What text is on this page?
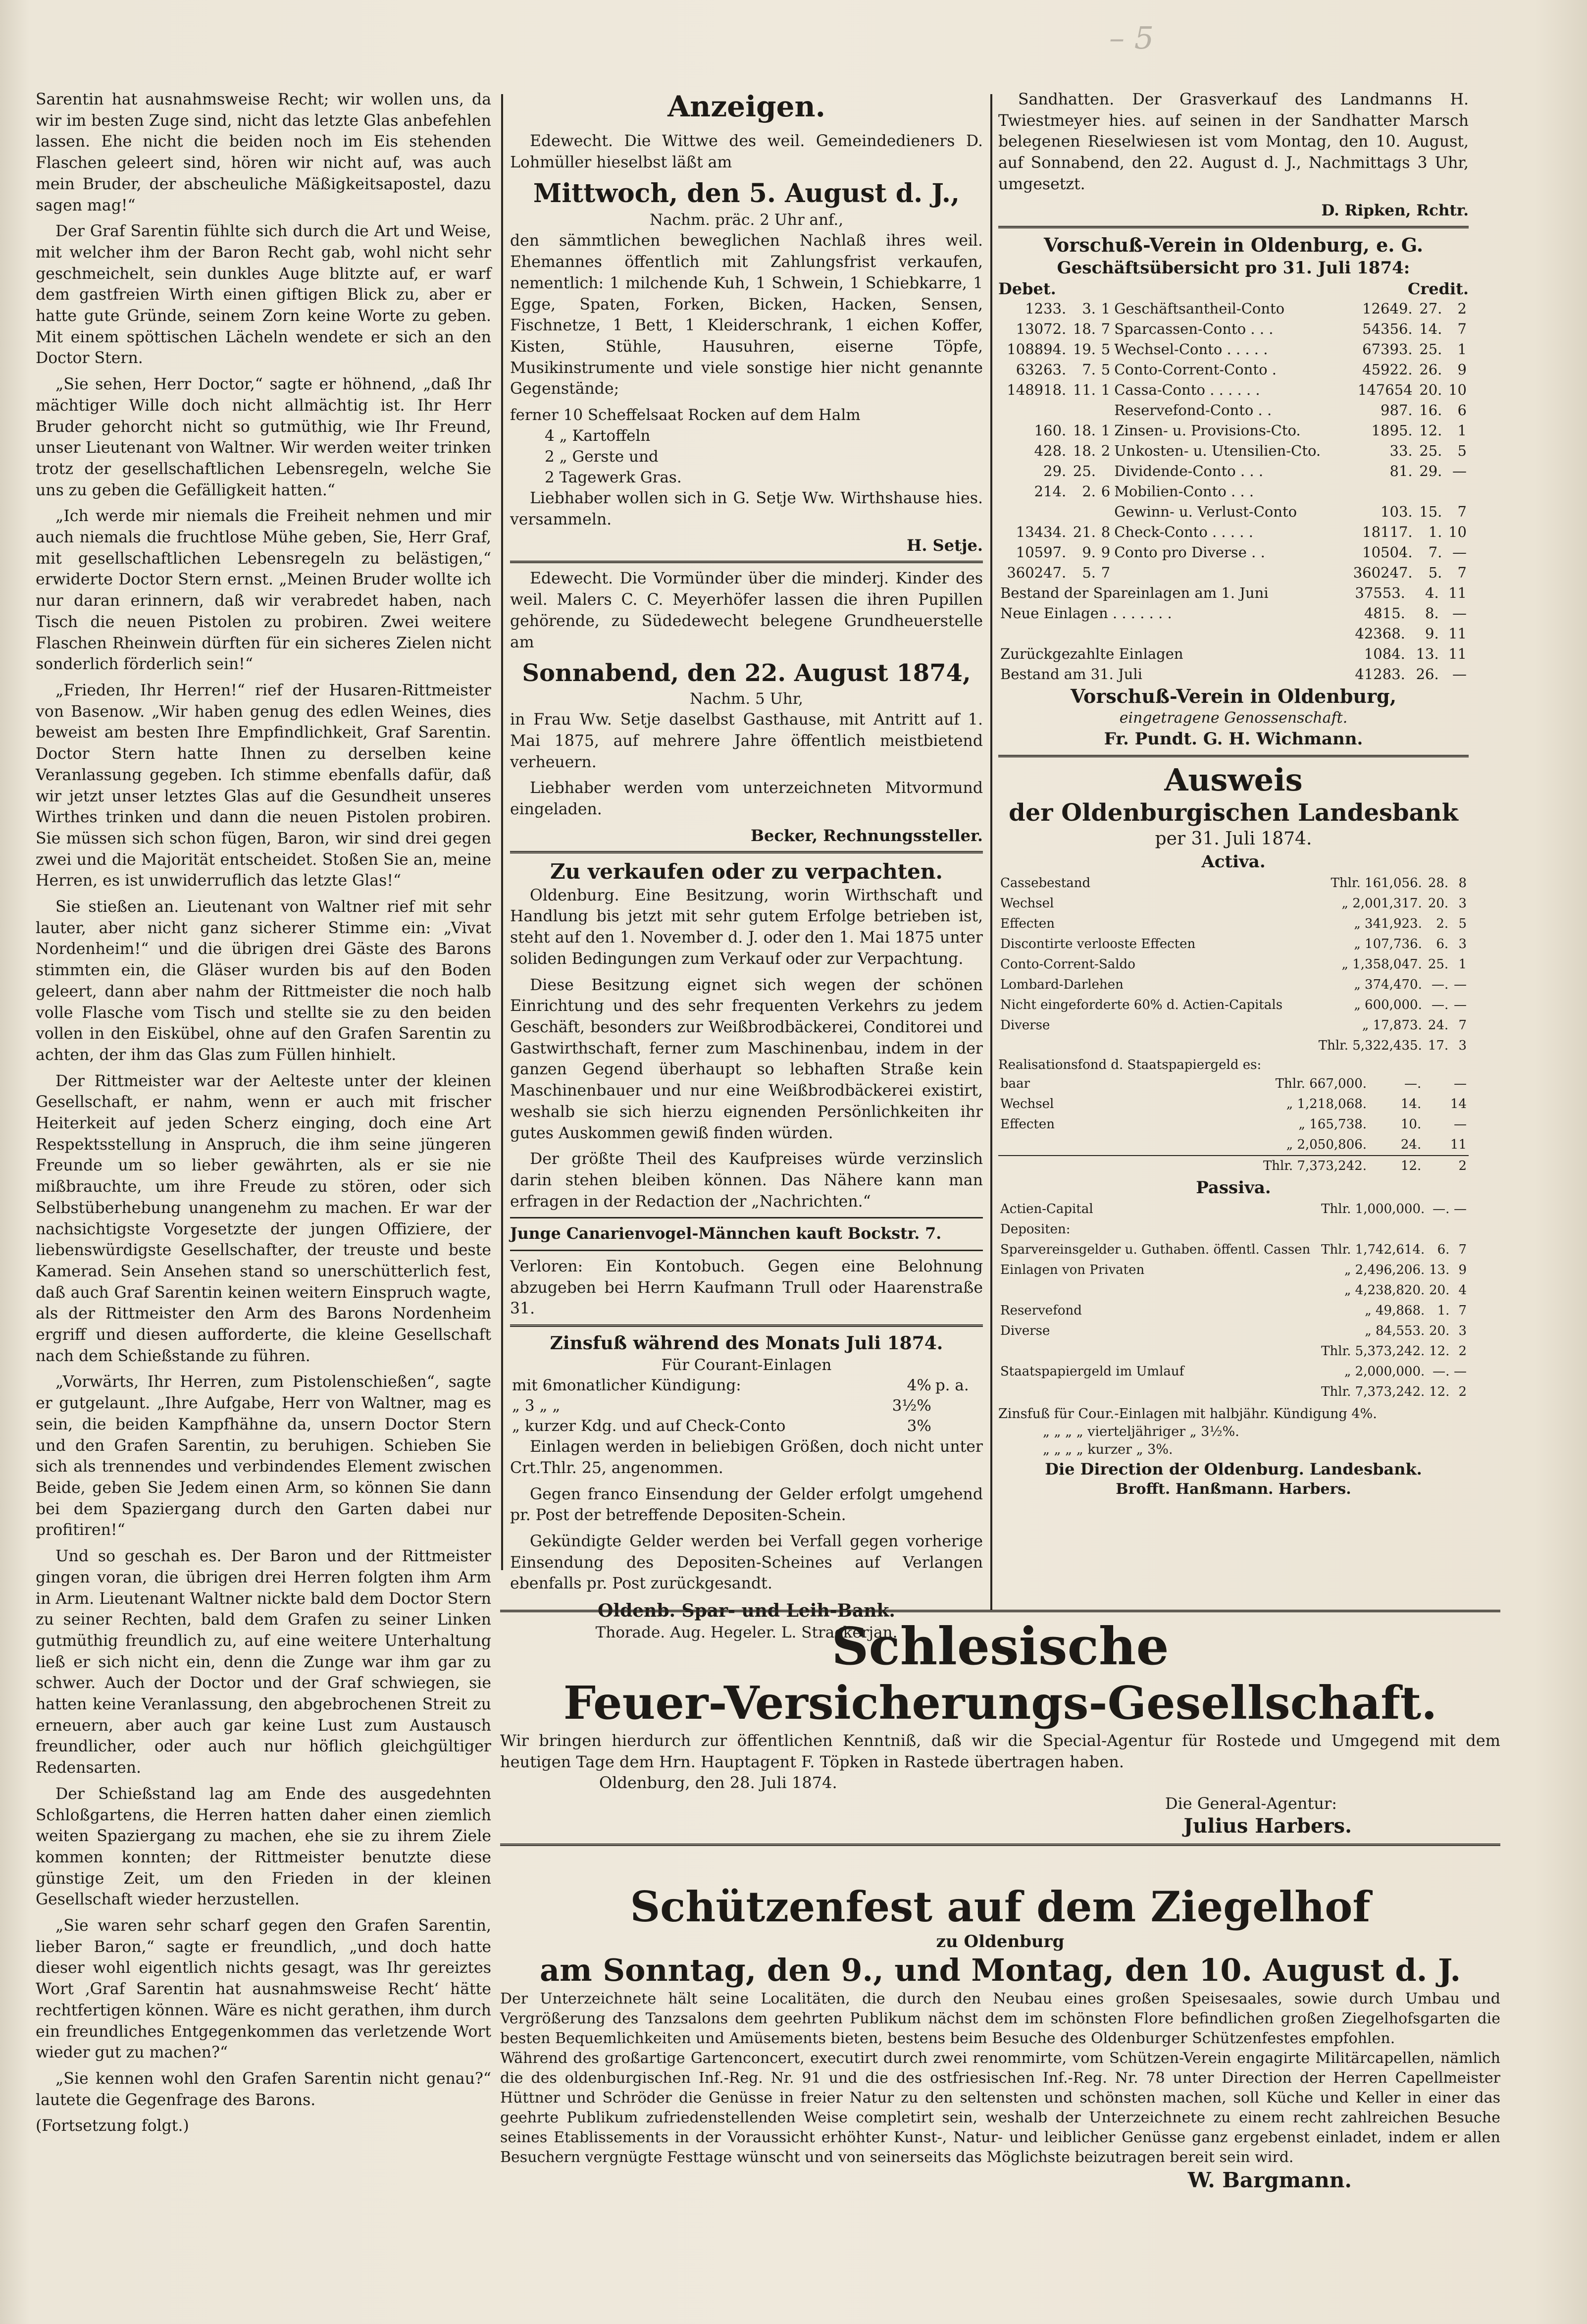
– 5

Sarentin hat ausnahmsweise Recht; wir wollen uns, da wir im besten Zuge sind, nicht das letzte Glas anbefehlen lassen. Ehe nicht die beiden noch im Eis stehenden Flaschen geleert sind, hören wir nicht auf, was auch mein Bruder, der abscheuliche Mäßigkeitsapostel, dazu sagen mag!“

Der Graf Sarentin fühlte sich durch die Art und Weise, mit welcher ihm der Baron Recht gab, wohl nicht sehr geschmeichelt, sein dunkles Auge blitzte auf, er warf dem gastfreien Wirth einen giftigen Blick zu, aber er hatte gute Gründe, seinem Zorn keine Worte zu geben. Mit einem spöttischen Lächeln wendete er sich an den Doctor Stern.

„Sie sehen, Herr Doctor,“ sagte er höhnend, „daß Ihr mächtiger Wille doch nicht allmächtig ist. Ihr Herr Bruder gehorcht nicht so gutmüthig, wie Ihr Freund, unser Lieutenant von Waltner. Wir werden weiter trinken trotz der gesellschaftlichen Lebensregeln, welche Sie uns zu geben die Gefälligkeit hatten.“

„Ich werde mir niemals die Freiheit nehmen und mir auch niemals die fruchtlose Mühe geben, Sie, Herr Graf, mit gesellschaftlichen Lebensregeln zu belästigen,“ erwiderte Doctor Stern ernst. „Meinen Bruder wollte ich nur daran erinnern, daß wir verabredet haben, nach Tisch die neuen Pistolen zu probiren. Zwei weitere Flaschen Rheinwein dürften für ein sicheres Zielen nicht sonderlich förderlich sein!“

„Frieden, Ihr Herren!“ rief der Husaren-Rittmeister von Basenow. „Wir haben genug des edlen Weines, dies beweist am besten Ihre Empfindlichkeit, Graf Sarentin. Doctor Stern hatte Ihnen zu derselben keine Veranlassung gegeben. Ich stimme ebenfalls dafür, daß wir jetzt unser letztes Glas auf die Gesundheit unseres Wirthes trinken und dann die neuen Pistolen probiren. Sie müssen sich schon fügen, Baron, wir sind drei gegen zwei und die Majorität entscheidet. Stoßen Sie an, meine Herren, es ist unwiderruflich das letzte Glas!“

Sie stießen an. Lieutenant von Waltner rief mit sehr lauter, aber nicht ganz sicherer Stimme ein: „Vivat Nordenheim!“ und die übrigen drei Gäste des Barons stimmten ein, die Gläser wurden bis auf den Boden geleert, dann aber nahm der Rittmeister die noch halb volle Flasche vom Tisch und stellte sie zu den beiden vollen in den Eiskübel, ohne auf den Grafen Sarentin zu achten, der ihm das Glas zum Füllen hinhielt.

Der Rittmeister war der Aelteste unter der kleinen Gesellschaft, er nahm, wenn er auch mit frischer Heiterkeit auf jeden Scherz einging, doch eine Art Respektsstellung in Anspruch, die ihm seine jüngeren Freunde um so lieber gewährten, als er sie nie mißbrauchte, um ihre Freude zu stören, oder sich Selbstüberhebung unangenehm zu machen. Er war der nachsichtigste Vorgesetzte der jungen Offiziere, der liebenswürdigste Gesellschafter, der treuste und beste Kamerad. Sein Ansehen stand so unerschütterlich fest, daß auch Graf Sarentin keinen weitern Einspruch wagte, als der Rittmeister den Arm des Barons Nordenheim ergriff und diesen aufforderte, die kleine Gesellschaft nach dem Schießstande zu führen.

„Vorwärts, Ihr Herren, zum Pistolenschießen“, sagte er gutgelaunt. „Ihre Aufgabe, Herr von Waltner, mag es sein, die beiden Kampfhähne da, unsern Doctor Stern und den Grafen Sarentin, zu beruhigen. Schieben Sie sich als trennendes und verbindendes Element zwischen Beide, geben Sie Jedem einen Arm, so können Sie dann bei dem Spaziergang durch den Garten dabei nur profitiren!“

Und so geschah es. Der Baron und der Rittmeister gingen voran, die übrigen drei Herren folgten ihm Arm in Arm. Lieutenant Waltner nickte bald dem Doctor Stern zu seiner Rechten, bald dem Grafen zu seiner Linken gutmüthig freundlich zu, auf eine weitere Unterhaltung ließ er sich nicht ein, denn die Zunge war ihm gar zu schwer. Auch der Doctor und der Graf schwiegen, sie hatten keine Veranlassung, den abgebrochenen Streit zu erneuern, aber auch gar keine Lust zum Austausch freundlicher, oder auch nur höflich gleichgültiger Redensarten.

Der Schießstand lag am Ende des ausgedehnten Schloßgartens, die Herren hatten daher einen ziemlich weiten Spaziergang zu machen, ehe sie zu ihrem Ziele kommen konnten; der Rittmeister benutzte diese günstige Zeit, um den Frieden in der kleinen Gesellschaft wieder herzustellen.

„Sie waren sehr scharf gegen den Grafen Sarentin, lieber Baron,“ sagte er freundlich, „und doch hatte dieser wohl eigentlich nichts gesagt, was Ihr gereiztes Wort ‚Graf Sarentin hat ausnahmsweise Recht‘ hätte rechtfertigen können. Wäre es nicht gerathen, ihm durch ein freundliches Entgegenkommen das verletzende Wort wieder gut zu machen?“

„Sie kennen wohl den Grafen Sarentin nicht genau?“ lautete die Gegenfrage des Barons.

(Fortsetzung folgt.)

Anzeigen.

Edewecht. Die Wittwe des weil. Gemeindedieners D. Lohmüller hieselbst läßt am

Mittwoch, den 5. August d. J.,
Nachm. präc. 2 Uhr anf.,

den sämmtlichen beweglichen Nachlaß ihres weil. Ehemannes öffentlich mit Zahlungsfrist verkaufen, nementlich: 1 milchende Kuh, 1 Schwein, 1 Schiebkarre, 1 Egge, Spaten, Forken, Bicken, Hacken, Sensen, Fischnetze, 1 Bett, 1 Kleiderschrank, 1 eichen Koffer, Kisten, Stühle, Hausuhren, eiserne Töpfe, Musikinstrumente und viele sonstige hier nicht genannte Gegenstände;

ferner 10 Scheffelsaat Rocken auf dem Halm
4 „ Kartoffeln
2 „ Gerste und
2 Tagewerk Gras.

Liebhaber wollen sich in G. Setje Ww. Wirthshause hies. versammeln.

H. Setje.

Edewecht. Die Vormünder über die minderj. Kinder des weil. Malers C. C. Meyerhöfer lassen die ihren Pupillen gehörende, zu Südedewecht belegene Grundheuerstelle am

Sonnabend, den 22. August 1874,
Nachm. 5 Uhr,

in Frau Ww. Setje daselbst Gasthause, mit Antritt auf 1. Mai 1875, auf mehrere Jahre öffentlich meistbietend verheuern.

Liebhaber werden vom unterzeichneten Mitvormund eingeladen.

Becker, Rechnungssteller.
Zu verkaufen oder zu verpachten.

Oldenburg. Eine Besitzung, worin Wirthschaft und Handlung bis jetzt mit sehr gutem Erfolge betrieben ist, steht auf den 1. November d. J. oder den 1. Mai 1875 unter soliden Bedingungen zum Verkauf oder zur Verpachtung.

Diese Besitzung eignet sich wegen der schönen Einrichtung und des sehr frequenten Verkehrs zu jedem Geschäft, besonders zur Weißbrodbäckerei, Conditorei und Gastwirthschaft, ferner zum Maschinenbau, indem in der ganzen Gegend überhaupt so lebhaften Straße kein Maschinenbauer und nur eine Weißbrodbäckerei existirt, weshalb sie sich hierzu eignenden Persönlichkeiten ihr gutes Auskommen gewiß finden würden.

Der größte Theil des Kaufpreises würde verzinslich darin stehen bleiben können. Das Nähere kann man erfragen in der Redaction der „Nachrichten.“

Junge Canarienvogel-Männchen kauft Bockstr. 7.

Verloren: Ein Kontobuch. Gegen eine Belohnung abzugeben bei Herrn Kaufmann Trull oder Haarenstraße 31.

Zinsfuß während des Monats Juli 1874.
Für Courant-Einlagen
mit 6monatlicher Kündigung:	4%	p. a.
„ 3 „ „	3½%	
„ kurzer Kdg. und auf Check-Conto	3%	

Einlagen werden in beliebigen Größen, doch nicht unter Crt.Thlr. 25, angenommen.

Gegen franco Einsendung der Gelder erfolgt umgehend pr. Post der betreffende Depositen-Schein.

Gekündigte Gelder werden bei Verfall gegen vorherige Einsendung des Depositen-Scheines auf Verlangen ebenfalls pr. Post zurückgesandt.

Oldenb. Spar- und Leih-Bank.
Thorade. Aug. Hegeler. L. Strackerjan.

Sandhatten. Der Grasverkauf des Landmanns H. Twiestmeyer hies. auf seinen in der Sandhatter Marsch belegenen Rieselwiesen ist vom Montag, den 10. August, auf Sonnabend, den 22. August d. J., Nachmittags 3 Uhr, umgesetzt.

D. Ripken, Rchtr.
Vorschuß-Verein in Oldenburg, e. G.
Geschäftsübersicht pro 31. Juli 1874:
Debet.	Credit.
1233.	3.	1	Geschäftsantheil-Conto	12649.	27.	2
13072.	18.	7	Sparcassen-Conto . . .	54356.	14.	7
108894.	19.	5	Wechsel-Conto . . . . .	67393.	25.	1
63263.	7.	5	Conto-Corrent-Conto .	45922.	26.	9
148918.	11.	1	Cassa-Conto . . . . . .	147654	20.	10
			Reservefond-Conto . .	987.	16.	6
160.	18.	1	Zinsen- u. Provisions-Cto.	1895.	12.	1
428.	18.	2	Unkosten- u. Utensilien-Cto.	33.	25.	5
29.	25.		Dividende-Conto . . .	81.	29.	—
214.	2.	6	Mobilien-Conto . . .			
			Gewinn- u. Verlust-Conto	103.	15.	7
13434.	21.	8	Check-Conto . . . . .	18117.	1.	10
10597.	9.	9	Conto pro Diverse . .	10504.	7.	—
360247.	5.	7		360247.	5.	7
Bestand der Spareinlagen am 1. Juni	37553.	4.	11
Neue Einlagen . . . . . . .	4815.	8.	—
	42368.	9.	11
Zurückgezahlte Einlagen	1084.	13.	11
Bestand am 31. Juli	41283.	26.	—
Vorschuß-Verein in Oldenburg,
eingetragene Genossenschaft.
Fr. Pundt. G. H. Wichmann.
Ausweis
der Oldenburgischen Landesbank
per 31. Juli 1874.
Activa.
Cassebestand	Thlr. 161,056.	28.	8
Wechsel	„ 2,001,317.	20.	3
Effecten	„ 341,923.	2.	5
Discontirte verlooste Effecten	„ 107,736.	6.	3
Conto-Corrent-Saldo	„ 1,358,047.	25.	1
Lombard-Darlehen	„ 374,470.	—.	—
Nicht eingeforderte 60% d. Actien-Capitals	„ 600,000.	—.	—
Diverse	„ 17,873.	24.	7
	Thlr. 5,322,435.	17.	3
Realisationsfond d. Staatspapiergeld es:
baar	Thlr. 667,000.	—.	—
Wechsel	„ 1,218,068.	14.	14
Effecten	„ 165,738.	10.	—
	„ 2,050,806.	24.	11
	Thlr. 7,373,242.	12.	2
Passiva.
Actien-Capital	Thlr. 1,000,000.	—.	—
Depositen:			
Sparvereinsgelder u. Guthaben. öffentl. Cassen	Thlr. 1,742,614.	6.	7
Einlagen von Privaten	„ 2,496,206.	13.	9
	„ 4,238,820.	20.	4
Reservefond	„ 49,868.	1.	7
Diverse	„ 84,553.	20.	3
	Thlr. 5,373,242.	12.	2
Staatspapiergeld im Umlauf	„ 2,000,000.	—.	—
	Thlr. 7,373,242.	12.	2
Zinsfuß für Cour.-Einlagen mit halbjähr. Kündigung 4%.
„ „ „ „ vierteljähriger „ 3½%.
„ „ „ „ kurzer „ 3%.
Die Direction der Oldenburg. Landesbank.
Brofft. Hanßmann. Harbers.
Schlesische
Feuer-Versicherungs-Gesellschaft.

Wir bringen hierdurch zur öffentlichen Kenntniß, daß wir die Special-Agentur für Rostede und Umgegend mit dem heutigen Tage dem Hrn. Hauptagent F. Töpken in Rastede übertragen haben.

Oldenburg, den 28. Juli 1874.
Die General-Agentur:
Julius Harbers.
Schützenfest auf dem Ziegelhof
zu Oldenburg
am Sonntag, den 9., und Montag, den 10. August d. J.

Der Unterzeichnete hält seine Localitäten, die durch den Neubau eines großen Speisesaales, sowie durch Umbau und Vergrößerung des Tanzsalons dem geehrten Publikum nächst dem im schönsten Flore befindlichen großen Ziegelhofsgarten die besten Bequemlichkeiten und Amüsements bieten, bestens beim Besuche des Oldenburger Schützenfestes empfohlen.

Während des großartige Gartenconcert, executirt durch zwei renommirte, vom Schützen-Verein engagirte Militärcapellen, nämlich die des oldenburgischen Inf.-Reg. Nr. 91 und die des ostfriesischen Inf.-Reg. Nr. 78 unter Direction der Herren Capellmeister Hüttner und Schröder die Genüsse in freier Natur zu den seltensten und schönsten machen, soll Küche und Keller in einer das geehrte Publikum zufriedenstellenden Weise completirt sein, weshalb der Unterzeichnete zu einem recht zahlreichen Besuche seines Etablissements in der Voraussicht erhöhter Kunst-, Natur- und leiblicher Genüsse ganz ergebenst einladet, indem er allen Besuchern vergnügte Festtage wünscht und von seinerseits das Möglichste beizutragen bereit sein wird.

W. Bargmann.
